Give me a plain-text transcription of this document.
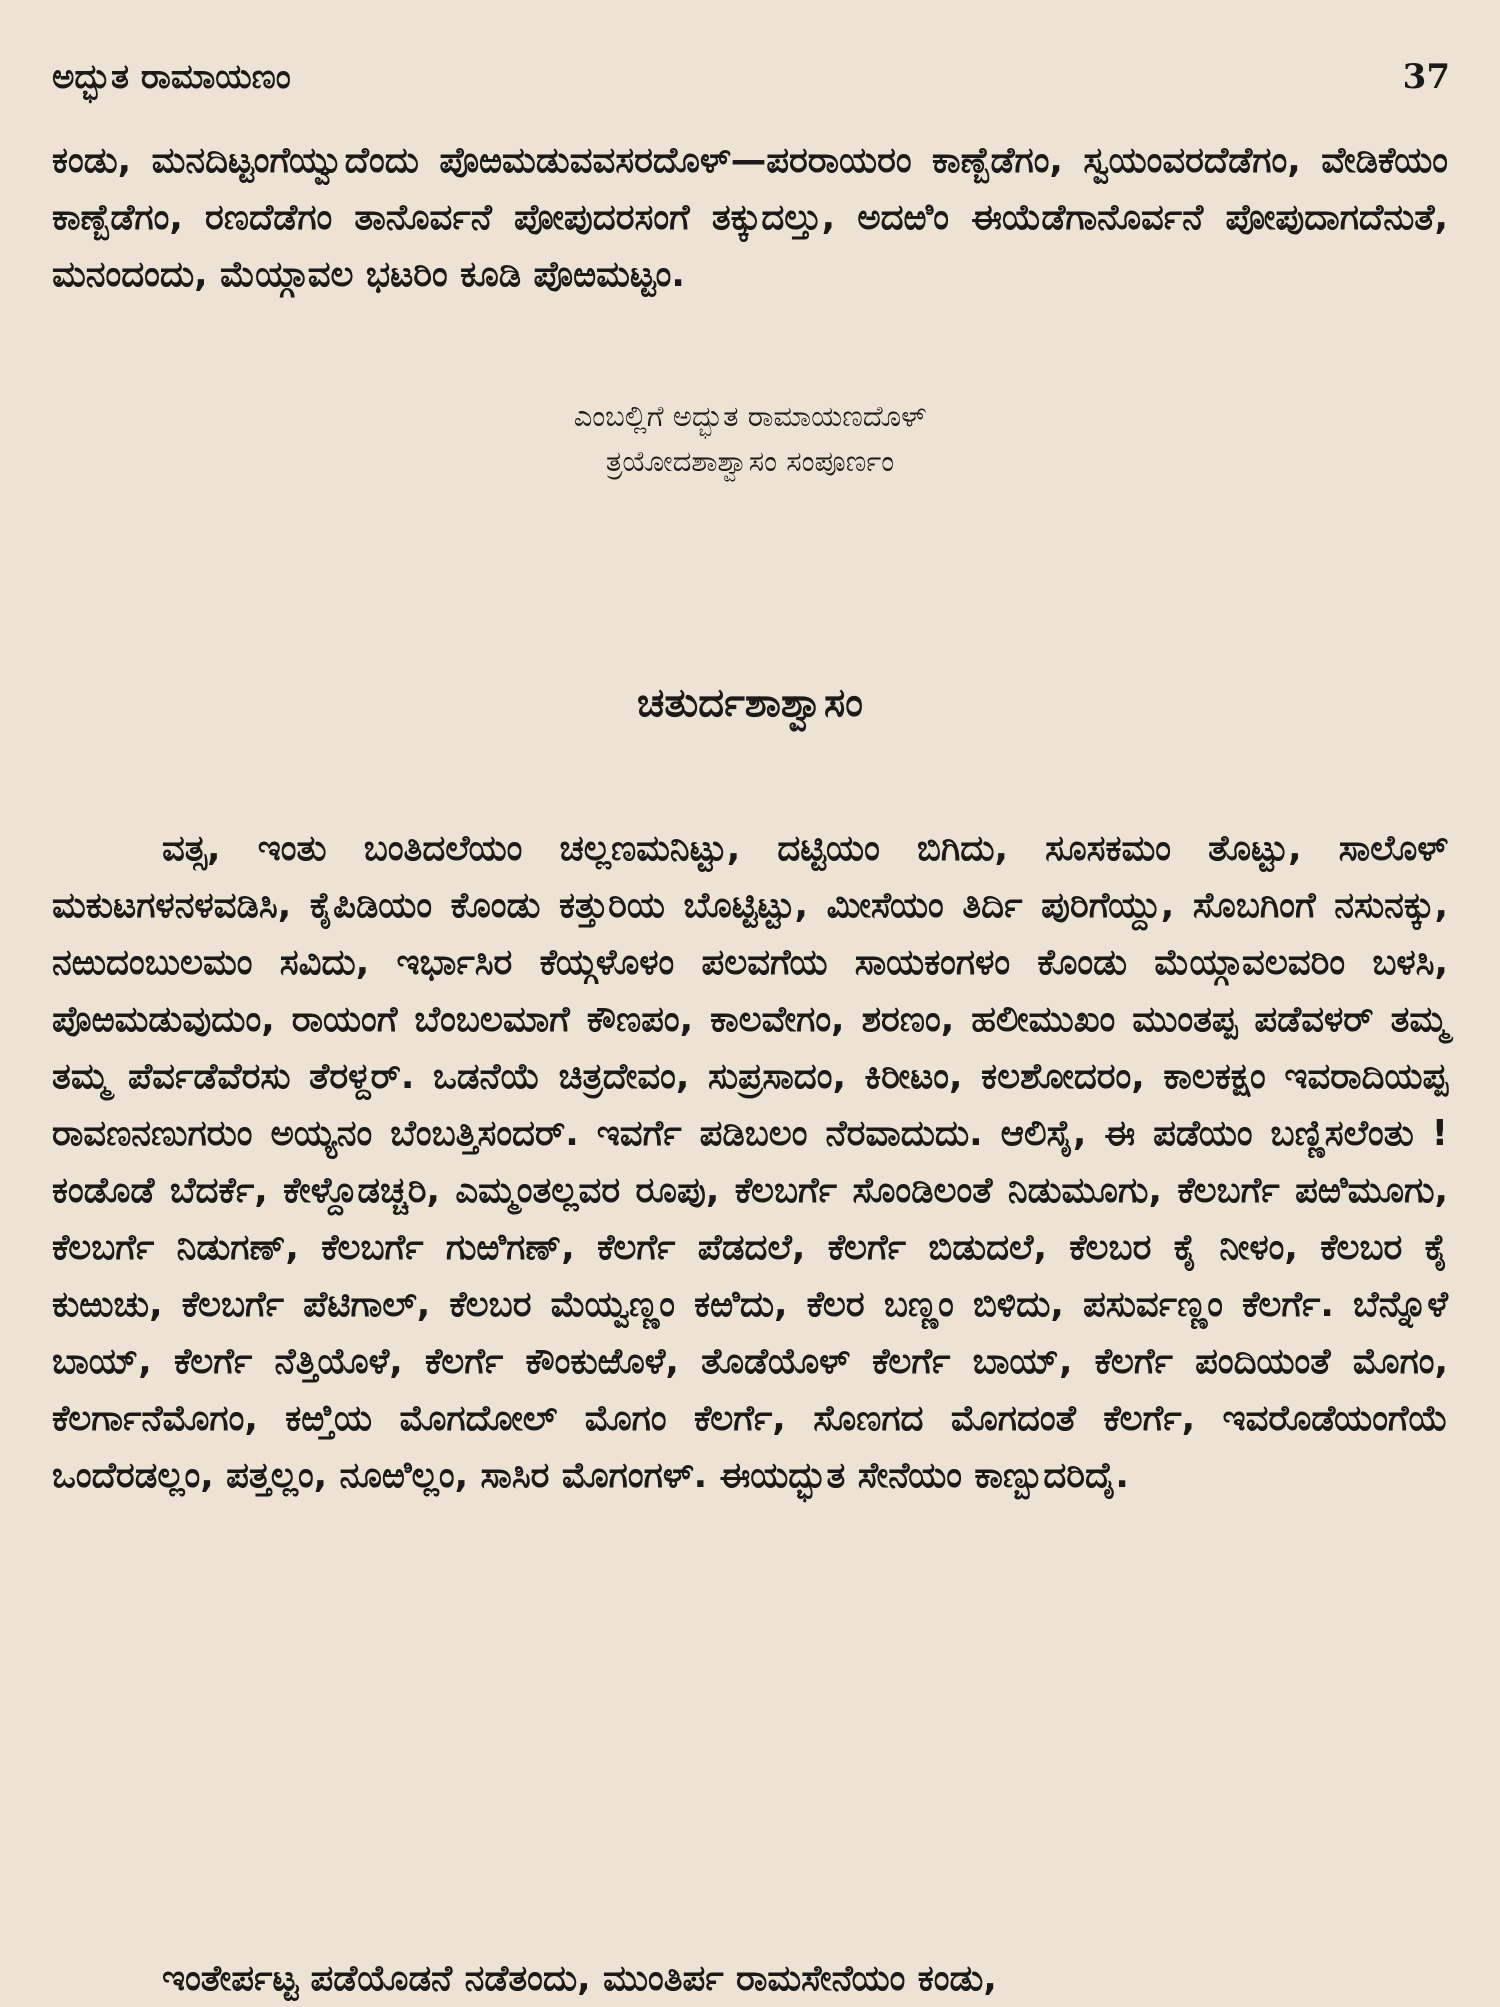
ಅದ್ಭುತ ರಾಮಾಯಣಂ	37

ಕಂಡು, ಮನದಿಟ್ಟಂಗೆಯ್ವುದೆಂದು ಪೊಱಮಡುವವಸರದೊಳ್—ಪರರಾಯರಂ ಕಾಣ್ಬೆಡೆಗಂ, ಸ್ವಯಂವರದೆಡೆಗಂ, ವೇಡಿಕೆಯಂ ಕಾಣ್ಬೆಡೆಗಂ, ರಣದೆಡೆಗಂ ತಾನೊರ್ವನೆ ಪೋಪುದರಸಂಗೆ ತಕ್ಕುದಲ್ತು, ಅದಱಿಂ ಈಯೆಡೆಗಾನೊರ್ವನೆ ಪೋಪುದಾಗದೆನುತೆ, ಮನಂದಂದು, ಮೆಯ್ಗಾವಲ ಭಟರಿಂ ಕೂಡಿ ಪೊಱಮಟ್ಟಂ.

ಎಂಬಲ್ಲಿಗೆ ಅದ್ಭುತ ರಾಮಾಯಣದೊಳ್
ತ್ರಯೋದಶಾಶ್ವಾಸಂ ಸಂಪೂರ್ಣಂ
ಚತುರ್ದಶಾಶ್ವಾಸಂ

ವತ್ಸ, ಇಂತು ಬಂತಿದಲೆಯಂ ಚಲ್ಲಣಮನಿಟ್ಟು, ದಟ್ಟಿಯಂ ಬಿಗಿದು, ಸೂಸಕಮಂ ತೊಟ್ಟು, ಸಾಲೊಳ್ ಮಕುಟಗಳನಳವಡಿಸಿ, ಕೈಪಿಡಿಯಂ ಕೊಂಡು ಕತ್ತುರಿಯ ಬೊಟ್ಟಿಟ್ಟು, ಮೀಸೆಯಂ ತಿರ್ದಿ ಪುರಿಗೆಯ್ದು, ಸೊಬಗಿಂಗೆ ನಸುನಕ್ಕು, ನಱುದಂಬುಲಮಂ ಸವಿದು, ಇರ್ಭಾಸಿರ ಕೆಯ್ಗಳೊಳಂ ಪಲವಗೆಯ ಸಾಯಕಂಗಳಂ ಕೊಂಡು ಮೆಯ್ಗಾವಲವರಿಂ ಬಳಸಿ, ಪೊಱಮಡುವುದುಂ, ರಾಯಂಗೆ ಬೆಂಬಲಮಾಗೆ ಕೌಣಪಂ, ಕಾಲವೇಗಂ, ಶರಣಂ, ಹಲೀಮುಖಂ ಮುಂತಪ್ಪ ಪಡೆವಳರ್ ತಮ್ಮ ತಮ್ಮ ಪೆರ್ವಡೆವೆರಸು ತೆರಳ್ದರ್. ಒಡನೆಯೆ ಚಿತ್ರದೇವಂ, ಸುಪ್ರಸಾದಂ, ಕಿರೀಟಂ, ಕಲಶೋದರಂ, ಕಾಲಕಕ್ಷಂ ಇವರಾದಿಯಪ್ಪ ರಾವಣನಣುಗರುಂ ಅಯ್ಯನಂ ಬೆಂಬತ್ತಿಸಂದರ್. ಇವರ್ಗೆ ಪಡಿಬಲಂ ನೆರವಾದುದು. ಆಲಿಸೈ, ಈ ಪಡೆಯಂ ಬಣ್ಣಿಸಲೆಂತು ! ಕಂಡೊಡೆ ಬೆದರ್ಕೆ, ಕೇಳ್ದೊಡಚ್ಚರಿ, ಎಮ್ಮಂತಲ್ಲವರ ರೂಪು, ಕೆಲಬರ್ಗೆ ಸೊಂಡಿಲಂತೆ ನಿಡುಮೂಗು, ಕೆಲಬರ್ಗೆ ಪಱಿಮೂಗು, ಕೆಲಬರ್ಗೆ ನಿಡುಗಣ್, ಕೆಲಬರ್ಗೆ ಗುಱಿಗಣ್, ಕೆಲರ್ಗೆ ಪೆಡದಲೆ, ಕೆಲರ್ಗೆ ಬಿಡುದಲೆ, ಕೆಲಬರ ಕೈ ನೀಳಂ, ಕೆಲಬರ ಕೈ ಕುಱುಚು, ಕೆಲಬರ್ಗೆ ಪೆಟಿಗಾಲ್, ಕೆಲಬರ ಮೆಯ್ವಣ್ಣಂ ಕಱಿದು, ಕೆಲರ ಬಣ್ಣಂ ಬಿಳಿದು, ಪಸುರ್ವಣ್ಣಂ ಕೆಲರ್ಗೆ. ಬೆನ್ನೊಳೆ ಬಾಯ್, ಕೆಲರ್ಗೆ ನೆತ್ತಿಯೊಳೆ, ಕೆಲರ್ಗೆ ಕೌಂಕುಱೊಳೆ, ತೊಡೆಯೊಳ್ ಕೆಲರ್ಗೆ ಬಾಯ್, ಕೆಲರ್ಗೆ ಪಂದಿಯಂತೆ ಮೊಗಂ, ಕೆಲರ್ಗಾನೆಮೊಗಂ, ಕಱ್ತಿಯ ಮೊಗದೋಲ್ ಮೊಗಂ ಕೆಲರ್ಗೆ, ಸೊಣಗದ ಮೊಗದಂತೆ ಕೆಲರ್ಗೆ, ಇವರೊಡೆಯಂಗೆಯೆ ಒಂದೆರಡಲ್ಲಂ, ಪತ್ತಲ್ಲಂ, ನೂಱಿಲ್ಲಂ, ಸಾಸಿರ ಮೊಗಂಗಳ್. ಈಯದ್ಭುತ ಸೇನೆಯಂ ಕಾಣ್ಬುದರಿದೈ.

ಇಂತೇರ್ಪಟ್ಟ ಪಡೆಯೊಡನೆ ನಡೆತಂದು, ಮುಂತಿರ್ಪ ರಾಮಸೇನೆಯಂ ಕಂಡು,
